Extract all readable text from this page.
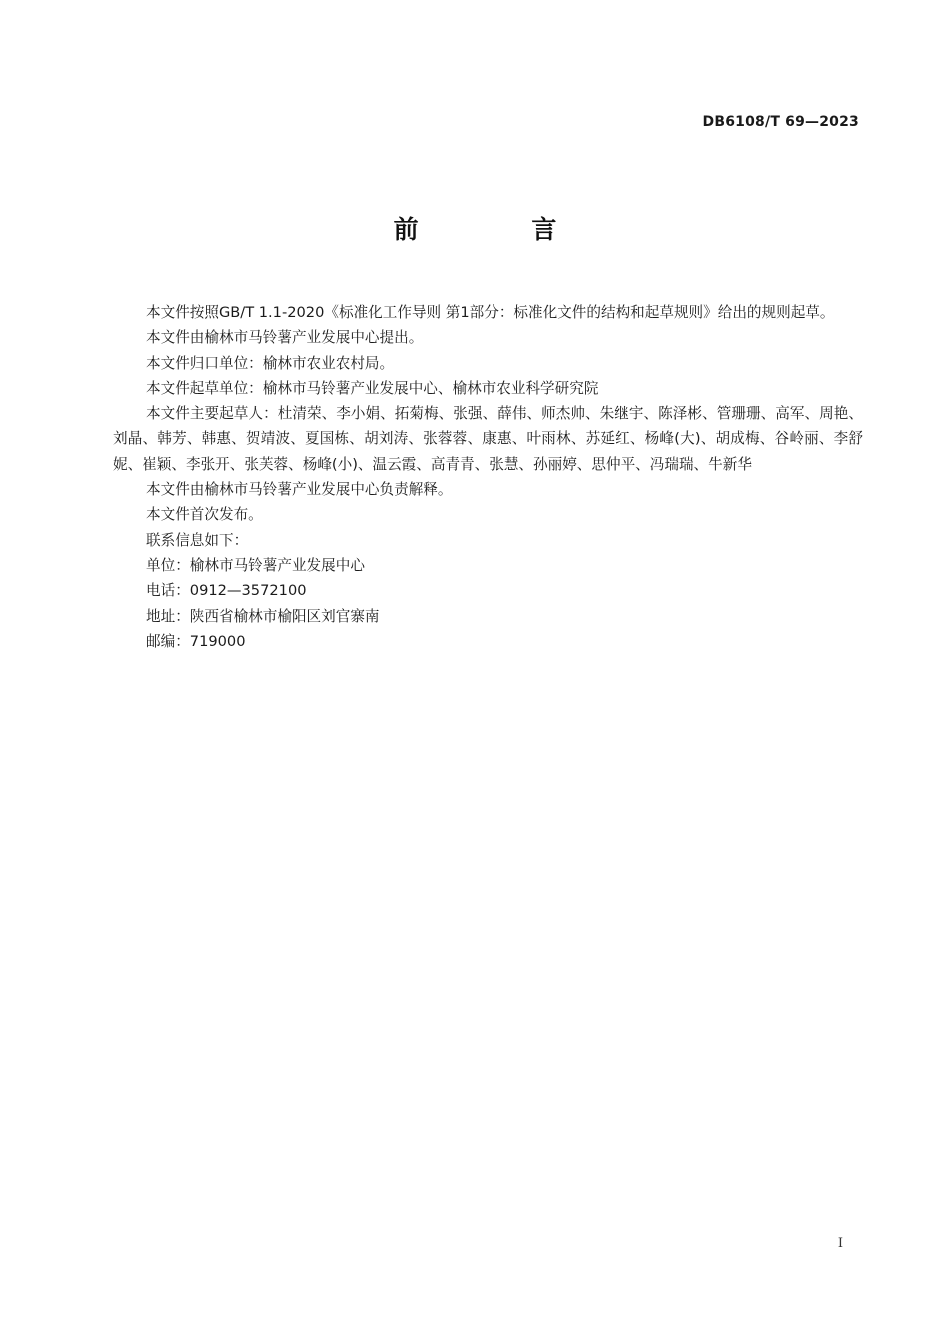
DB6108/T 69—2023
前 言

本文件按照GB/T 1.1-2020《标准化工作导则 第1部分：标准化文件的结构和起草规则》给出的规则起草。

本文件由榆林市马铃薯产业发展中心提出。

本文件归口单位：榆林市农业农村局。

本文件起草单位：榆林市马铃薯产业发展中心、榆林市农业科学研究院

本文件主要起草人：杜清荣、李小娟、拓菊梅、张强、薛伟、师杰帅、朱继宇、陈泽彬、管珊珊、高军、周艳、刘晶、韩芳、韩惠、贺靖波、夏国栋、胡刘涛、张蓉蓉、康惠、叶雨林、苏延红、杨峰(大)、胡成梅、谷岭丽、李舒妮、崔颖、李张开、张芙蓉、杨峰(小)、温云霞、高青青、张慧、孙丽婷、思仲平、冯瑞瑞、牛新华

本文件由榆林市马铃薯产业发展中心负责解释。

本文件首次发布。

联系信息如下：

单位：榆林市马铃薯产业发展中心

电话：0912—3572100

地址：陕西省榆林市榆阳区刘官寨南

邮编：719000

I
